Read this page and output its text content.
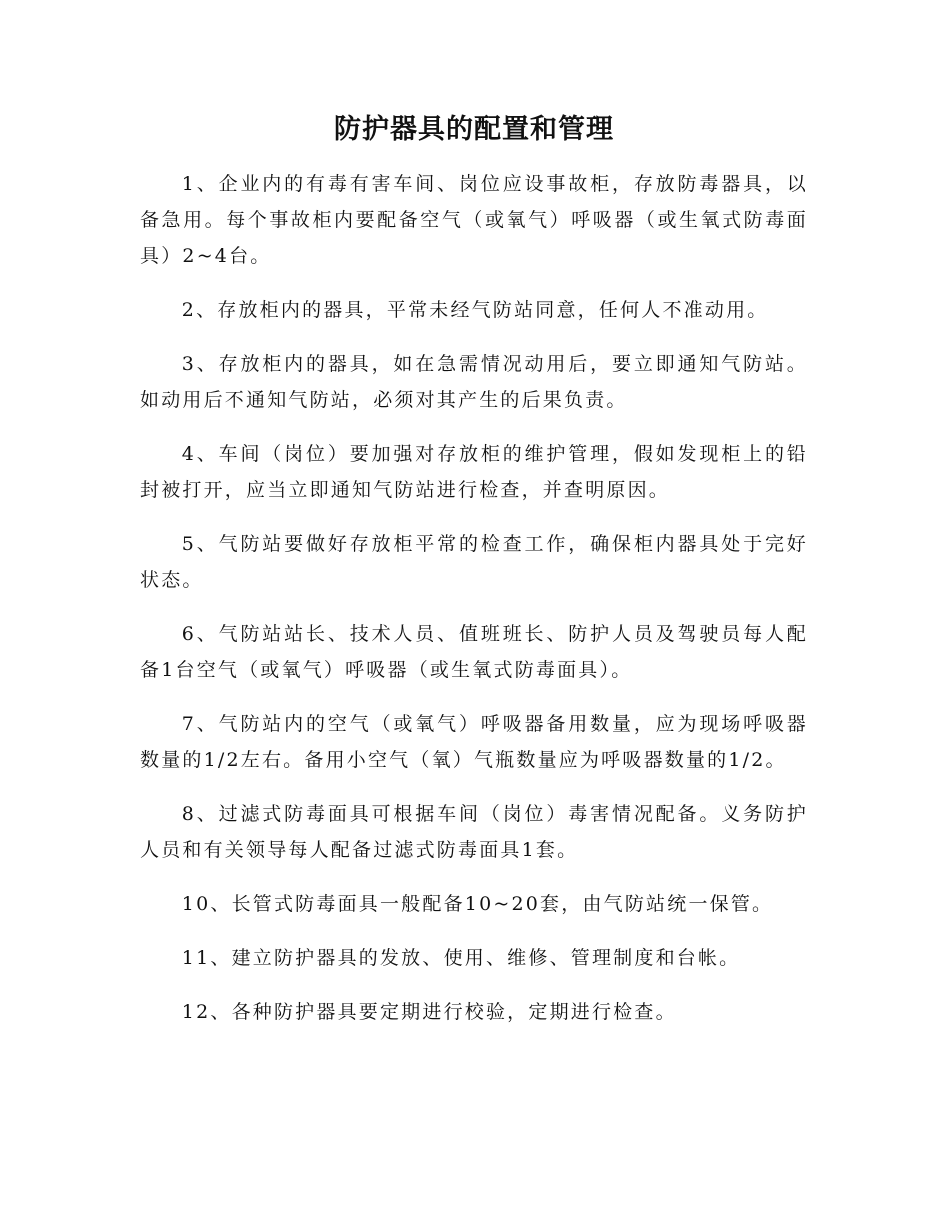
防护器具的配置和管理

1、企业内的有毒有害车间、岗位应设事故柜，存放防毒器具，以备急用。每个事故柜内要配备空气（或氧气）呼吸器（或生氧式防毒面具）2~4台。

2、存放柜内的器具，平常未经气防站同意，任何人不准动用。

3、存放柜内的器具，如在急需情况动用后，要立即通知气防站。如动用后不通知气防站，必须对其产生的后果负责。

4、车间（岗位）要加强对存放柜的维护管理，假如发现柜上的铅封被打开，应当立即通知气防站进行检查，并查明原因。

5、气防站要做好存放柜平常的检查工作，确保柜内器具处于完好状态。

6、气防站站长、技术人员、值班班长、防护人员及驾驶员每人配备1台空气（或氧气）呼吸器（或生氧式防毒面具）。

7、气防站内的空气（或氧气）呼吸器备用数量，应为现场呼吸器数量的1/2左右。备用小空气（氧）气瓶数量应为呼吸器数量的1/2。

8、过滤式防毒面具可根据车间（岗位）毒害情况配备。义务防护人员和有关领导每人配备过滤式防毒面具1套。

10、长管式防毒面具一般配备10~20套，由气防站统一保管。

11、建立防护器具的发放、使用、维修、管理制度和台帐。

12、各种防护器具要定期进行校验，定期进行检查。
